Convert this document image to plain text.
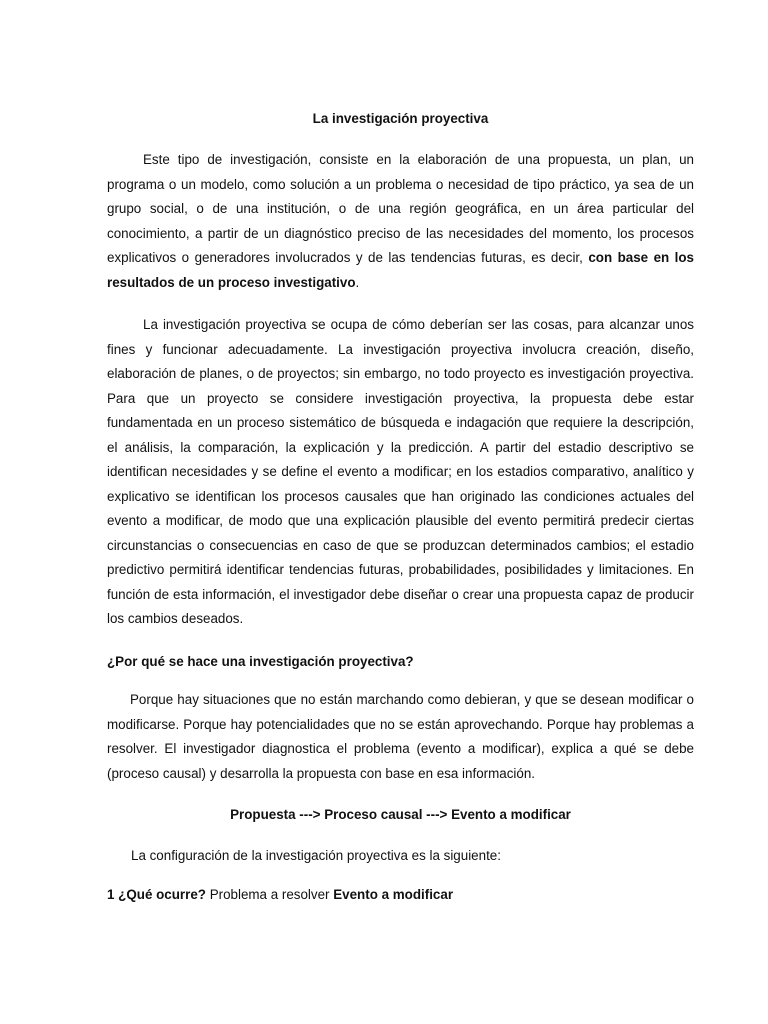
La investigación proyectiva

Este tipo de investigación, consiste en la elaboración de una propuesta, un plan, un programa o un modelo, como solución a un problema o necesidad de tipo práctico, ya sea de un grupo social, o de una institución, o de una región geográfica, en un área particular del conocimiento, a partir de un diagnóstico preciso de las necesidades del momento, los procesos explicativos o generadores involucrados y de las tendencias futuras, es decir, con base en los resultados de un proceso investigativo.

La investigación proyectiva se ocupa de cómo deberían ser las cosas, para alcanzar unos fines y funcionar adecuadamente. La investigación proyectiva involucra creación, diseño, elaboración de planes, o de proyectos; sin embargo, no todo proyecto es investigación proyectiva. Para que un proyecto se considere investigación proyectiva, la propuesta debe estar fundamentada en un proceso sistemático de búsqueda e indagación que requiere la descripción, el análisis, la comparación, la explicación y la predicción. A partir del estadio descriptivo se identifican necesidades y se define el evento a modificar; en los estadios comparativo, analítico y explicativo se identifican los procesos causales que han originado las condiciones actuales del evento a modificar, de modo que una explicación plausible del evento permitirá predecir ciertas circunstancias o consecuencias en caso de que se produzcan determinados cambios; el estadio predictivo permitirá identificar tendencias futuras, probabilidades, posibilidades y limitaciones. En función de esta información, el investigador debe diseñar o crear una propuesta capaz de producir los cambios deseados.

¿Por qué se hace una investigación proyectiva?

Porque hay situaciones que no están marchando como debieran, y que se desean modificar o modificarse. Porque hay potencialidades que no se están aprovechando. Porque hay problemas a resolver. El investigador diagnostica el problema (evento a modificar), explica a qué se debe (proceso causal) y desarrolla la propuesta con base en esa información.

Propuesta ---> Proceso causal ---> Evento a modificar

La configuración de la investigación proyectiva es la siguiente:

1 ¿Qué ocurre? Problema a resolver Evento a modificar
